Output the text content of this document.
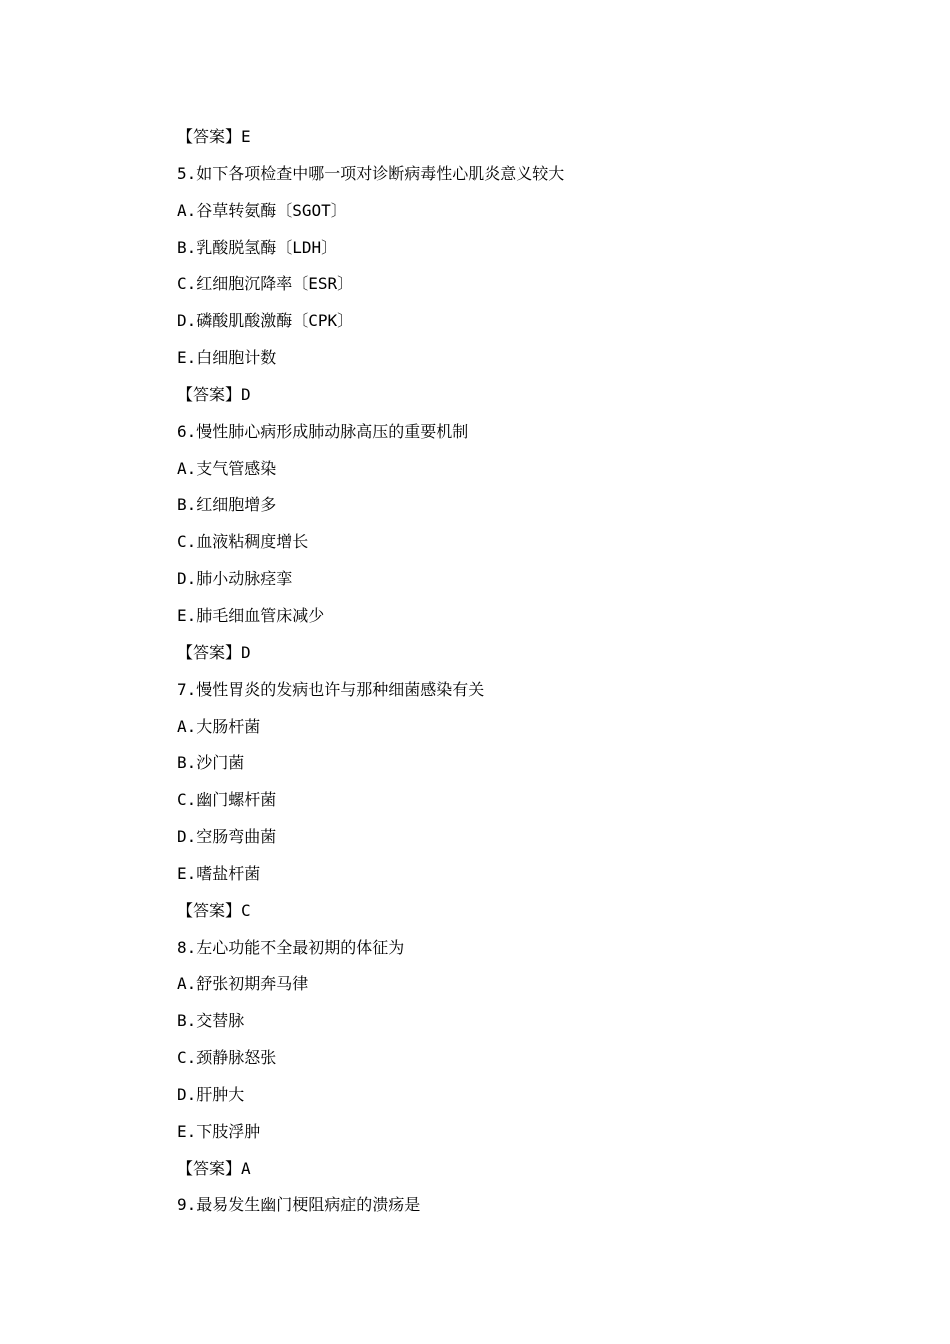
【答案】E
5.如下各项检查中哪一项对诊断病毒性心肌炎意义较大
A.谷草转氨酶〔SGOT〕
B.乳酸脱氢酶〔LDH〕
C.红细胞沉降率〔ESR〕
D.磷酸肌酸激酶〔CPK〕
E.白细胞计数
【答案】D
6.慢性肺心病形成肺动脉高压的重要机制
A.支气管感染
B.红细胞增多
C.血液粘稠度增长
D.肺小动脉痉挛
E.肺毛细血管床减少
【答案】D
7.慢性胃炎的发病也许与那种细菌感染有关
A.大肠杆菌
B.沙门菌
C.幽门螺杆菌
D.空肠弯曲菌
E.嗜盐杆菌
【答案】C
8.左心功能不全最初期的体征为
A.舒张初期奔马律
B.交替脉
C.颈静脉怒张
D.肝肿大
E.下肢浮肿
【答案】A
9.最易发生幽门梗阻病症的溃疡是
